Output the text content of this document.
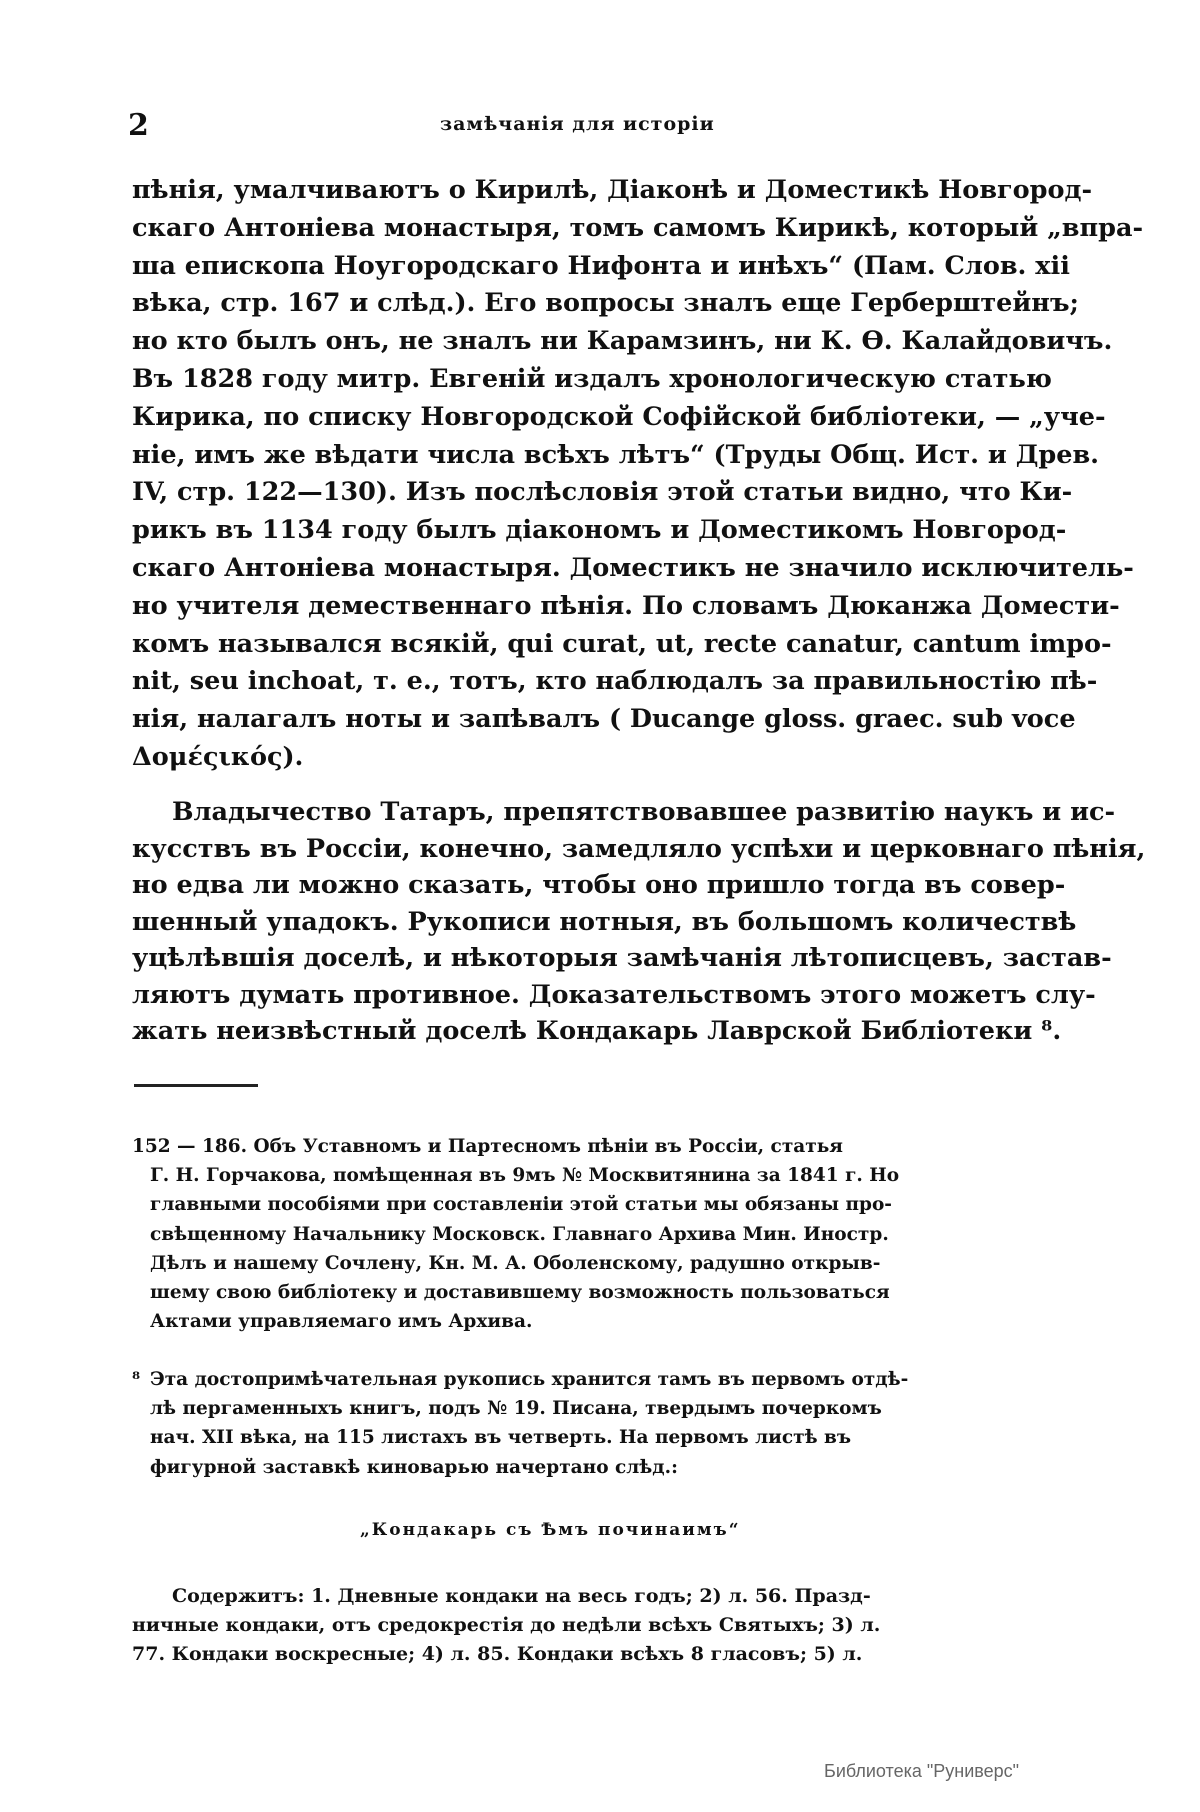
2	замѣчанія для исторіи
пѣнія, умалчиваютъ о Кирилѣ, Діаконѣ и Доместикѣ Новгород-
скаго Антоніева монастыря, томъ самомъ Кирикѣ, который „впра-
ша епископа Ноугородскаго Нифонта и инѣхъ“ (Пам. Слов. xii
вѣка, стр. 167 и слѣд.). Его вопросы зналъ еще Герберштейнъ;
но кто былъ онъ, не зналъ ни Карамзинъ, ни К. Ѳ. Калайдовичъ.
Въ 1828 году митр. Евгеній издалъ хронологическую статью
Кирика, по списку Новгородской Софійской библіотеки, — „уче-
ніе, имъ же вѣдати числа всѣхъ лѣтъ“ (Труды Общ. Ист. и Древ.
IV, стр. 122—130). Изъ послѣсловія этой статьи видно, что Ки-
рикъ въ 1134 году былъ діакономъ и Доместикомъ Новгород-
скаго Антоніева монастыря. Доместикъ не значило исключитель-
но учителя демественнаго пѣнія. По словамъ Дюканжа Домести-
комъ назывался всякій, qui curat, ut, recte canatur, cantum impo-
nit, seu inchoat, т. е., тотъ, кто наблюдалъ за правильностію пѣ-
нія, налагалъ ноты и запѣвалъ ( Ducange gloss. graec. sub voce
Δομέςικός).
Владычество Татаръ, препятствовавшее развитію наукъ и ис-
кусствъ въ Россіи, конечно, замедляло успѣхи и церковнаго пѣнія,
но едва ли можно сказать, чтобы оно пришло тогда въ совер-
шенный упадокъ. Рукописи нотныя, въ большомъ количествѣ
уцѣлѣвшія доселѣ, и нѣкоторыя замѣчанія лѣтописцевъ, застав-
ляютъ думать противное. Доказательствомъ этого можетъ слу-
жать неизвѣстный доселѣ Кондакарь Лаврской Библіотеки ⁸.
152 — 186. Объ Уставномъ и Партесномъ пѣніи въ Россіи, статья
Г. Н. Горчакова, помѣщенная въ 9мъ № Москвитянина за 1841 г. Но
главными пособіями при составленіи этой статьи мы обязаны про-
свѣщенному Начальнику Московск. Главнаго Архива Мин. Иностр.
Дѣлъ и нашему Сочлену, Кн. М. А. Оболенскому, радушно открыв-
шему свою библіотеку и доставившему возможность пользоваться
Актами управляемаго имъ Архива.
⁸ Эта достопримѣчательная рукопись хранится тамъ въ первомъ отдѣ-
лѣ пергаменныхъ книгъ, подъ № 19. Писана, твердымъ почеркомъ
нач. XII вѣка, на 115 листахъ въ четверть. На первомъ листѣ въ
фигурной заставкѣ киноварью начертано слѣд.:
„Кондакарь съ Ѣмъ починаимъ“
Содержитъ: 1. Дневные кондаки на весь годъ; 2) л. 56. Празд-
ничные кондаки, отъ средокрестія до недѣли всѣхъ Святыхъ; 3) л.
77. Кондаки воскресные; 4) л. 85. Кондаки всѣхъ 8 гласовъ; 5) л.
Библиотека "Руниверс"
